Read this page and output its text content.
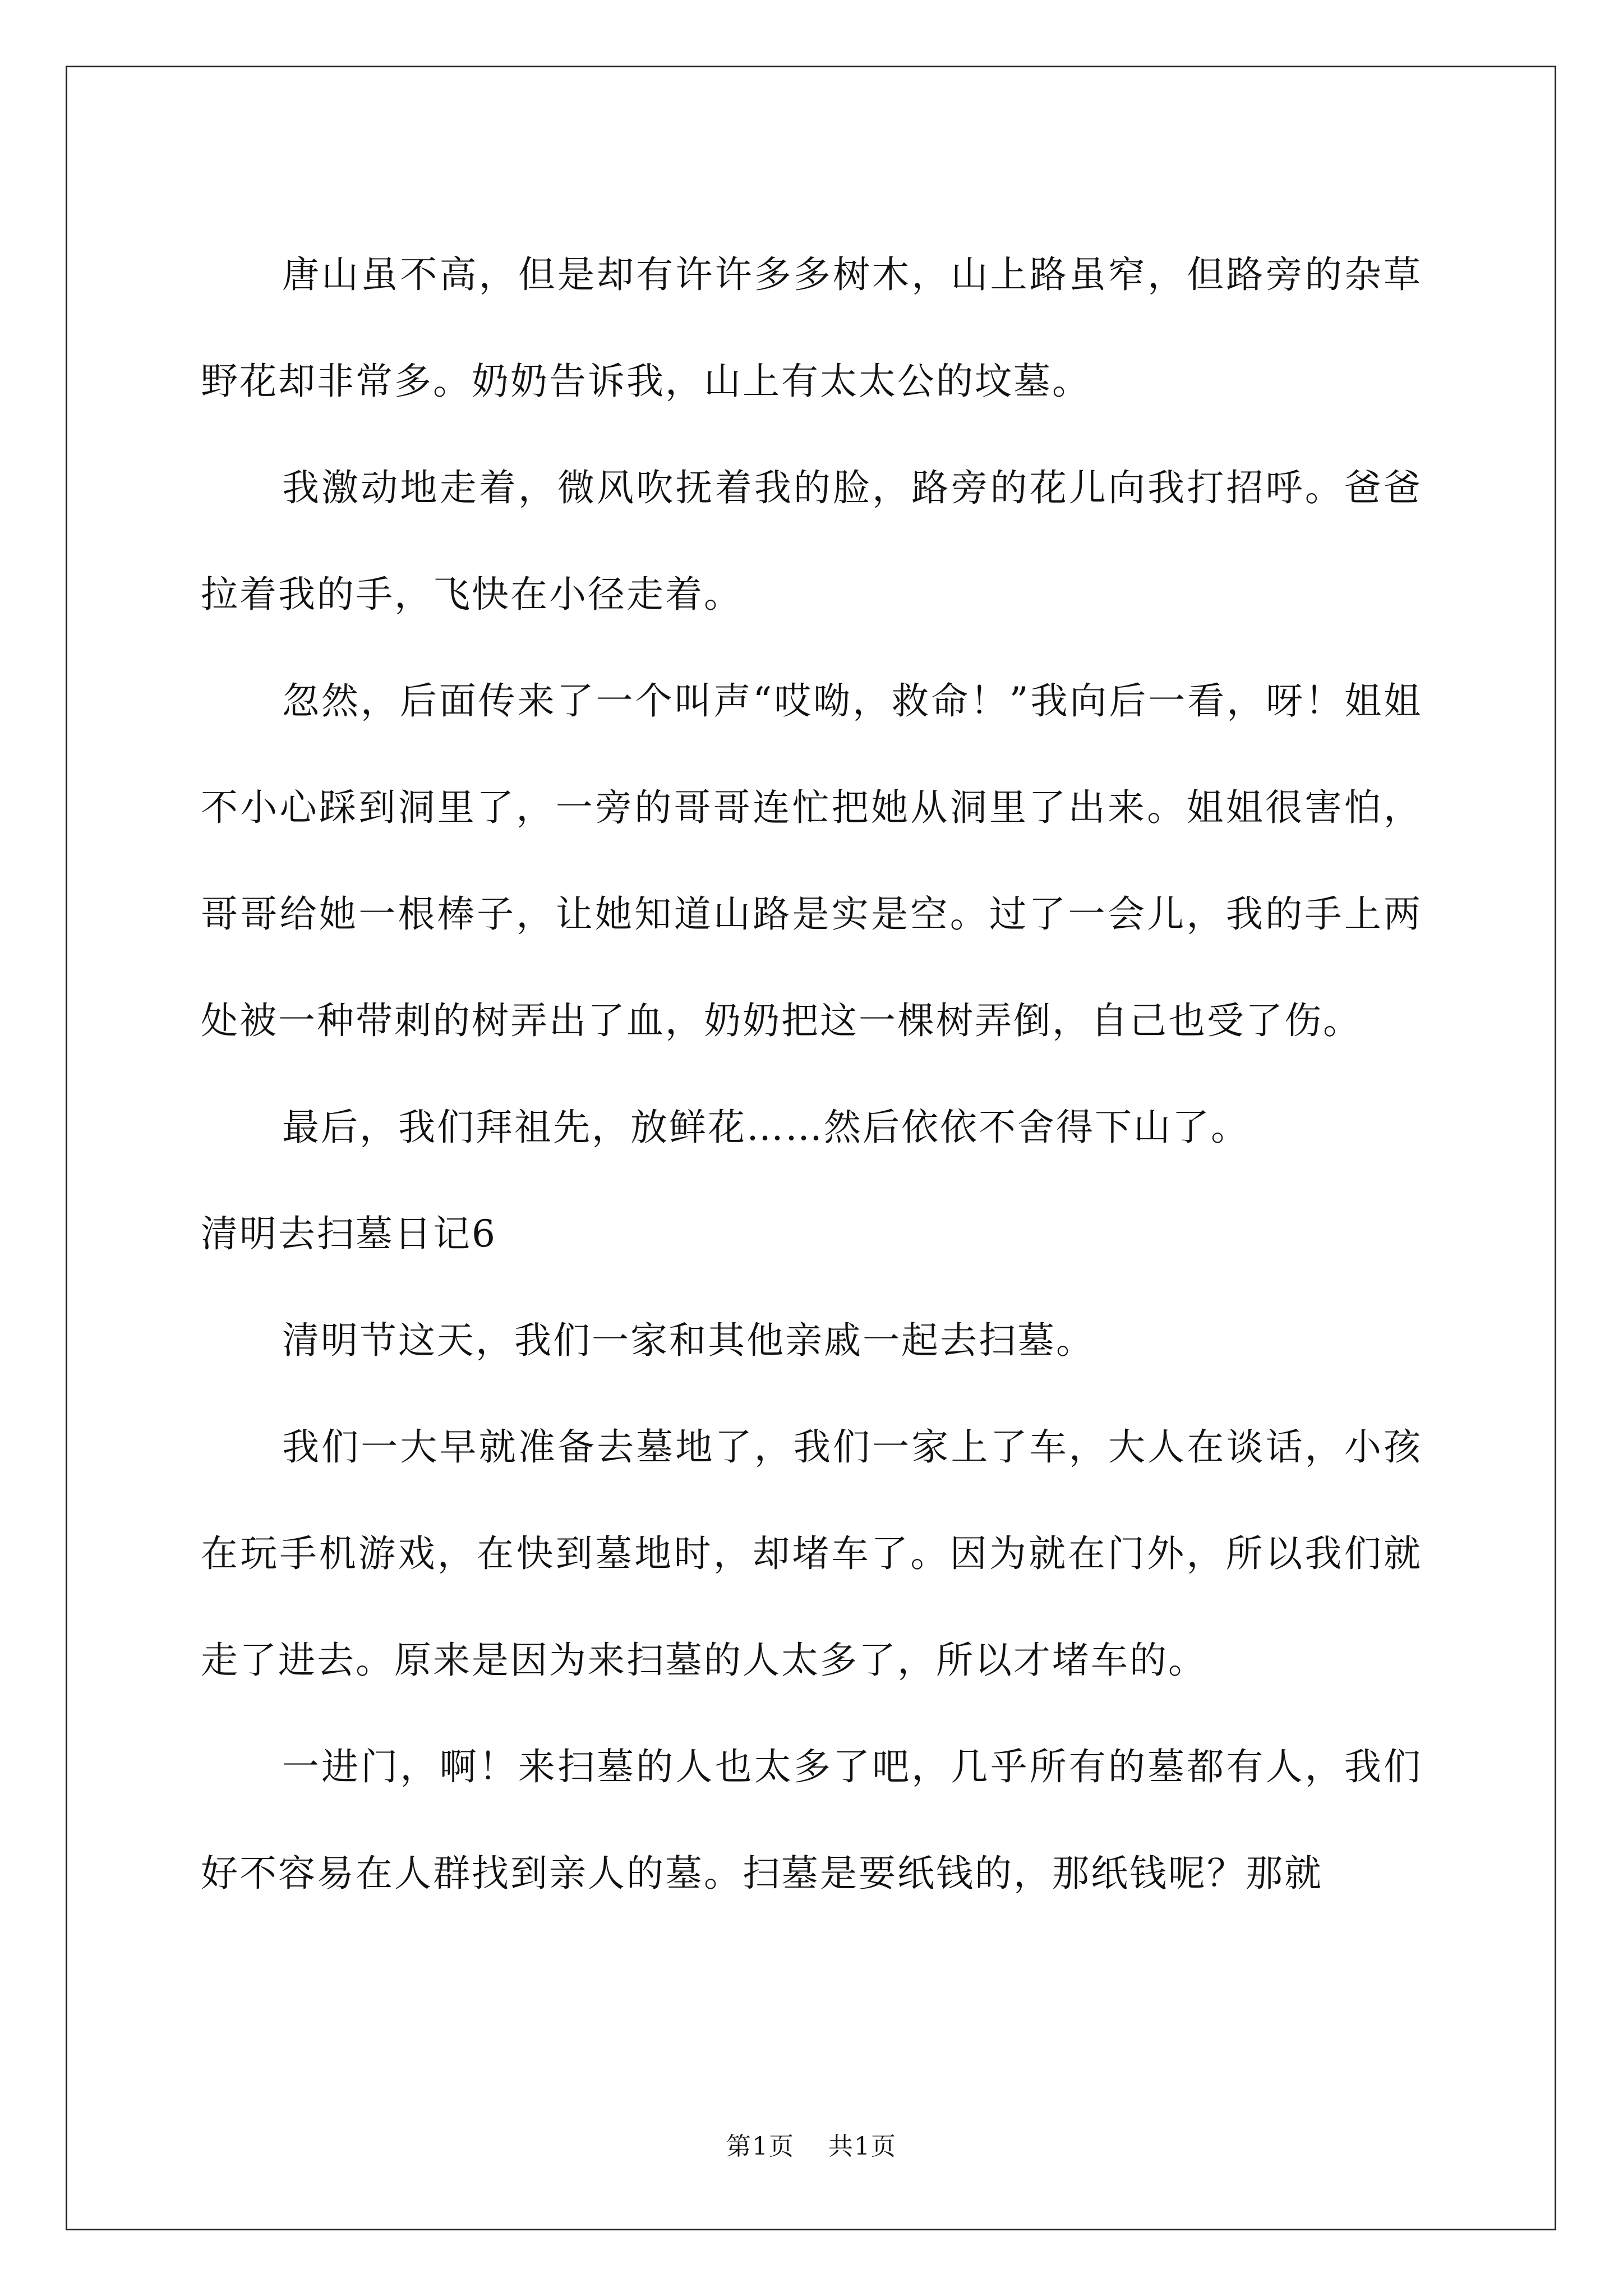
唐山虽不高，但是却有许许多多树木，山上路虽窄，但路旁的杂草野花却非常多。奶奶告诉我，山上有太太公的坟墓。

我激动地走着，微风吹抚着我的脸，路旁的花儿向我打招呼。爸爸拉着我的手，飞快在小径走着。

忽然，后面传来了一个叫声“哎呦，救命！”我向后一看，呀！姐姐不小心踩到洞里了，一旁的哥哥连忙把她从洞里了出来。姐姐很害怕，哥哥给她一根棒子，让她知道山路是实是空。过了一会儿，我的手上两处被一种带刺的树弄出了血，奶奶把这一棵树弄倒，自己也受了伤。

最后，我们拜祖先，放鲜花……然后依依不舍得下山了。

清明去扫墓日记6

清明节这天，我们一家和其他亲戚一起去扫墓。

我们一大早就准备去墓地了，我们一家上了车，大人在谈话，小孩在玩手机游戏，在快到墓地时，却堵车了。因为就在门外，所以我们就走了进去。原来是因为来扫墓的人太多了，所以才堵车的。

一进门，啊！来扫墓的人也太多了吧，几乎所有的墓都有人，我们好不容易在人群找到亲人的墓。扫墓是要纸钱的，那纸钱呢？那就

第1页 共1页
